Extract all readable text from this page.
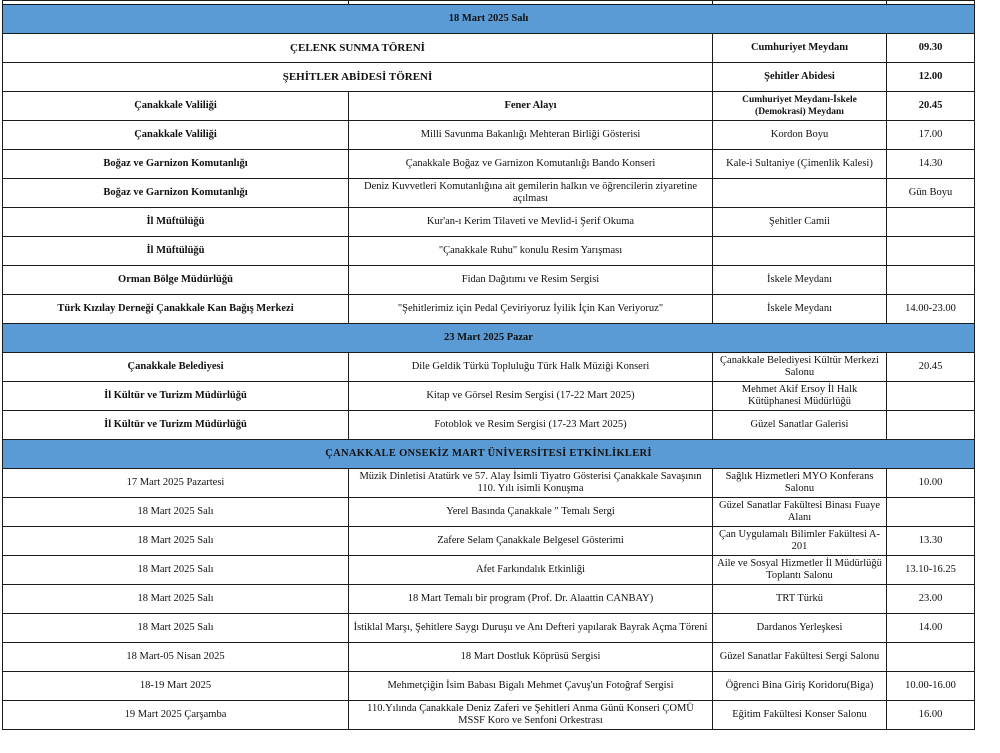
18 Mart 2025 Salı			
ÇELENK SUNMA TÖRENİ		Cumhuriyet Meydanı	09.30
ŞEHİTLER ABİDESİ TÖRENİ		Şehitler Abidesi	12.00
Çanakkale Valiliği	Fener Alayı	Cumhuriyet Meydanı-İskele (Demokrasi) Meydanı	20.45
Çanakkale Valiliği	Milli Savunma Bakanlığı Mehteran Birliği Gösterisi	Kordon Boyu	17.00
Boğaz ve Garnizon Komutanlığı	Çanakkale Boğaz ve Garnizon Komutanlığı Bando Konseri	Kale-i Sultaniye (Çimenlik Kalesi)	14.30
Boğaz ve Garnizon Komutanlığı	Deniz Kuvvetleri Komutanlığına ait gemilerin halkın ve öğrencilerin ziyaretine açılması		Gün Boyu
İl Müftülüğü	Kur'an-ı Kerim Tilaveti ve Mevlid-i Şerif Okuma	Şehitler Camii	
İl Müftülüğü	"Çanakkale Ruhu" konulu Resim Yarışması		
Orman Bölge Müdürlüğü	Fidan Dağıtımı ve Resim Sergisi	İskele Meydanı	
Türk Kızılay Derneği Çanakkale Kan Bağış Merkezi	"Şehitlerimiz için Pedal Çeviriyoruz İyilik İçin Kan Veriyoruz"	İskele Meydanı	14.00-23.00
23 Mart 2025 Pazar			
Çanakkale Belediyesi	Dile Geldik Türkü Topluluğu Türk Halk Müziği Konseri	Çanakkale Belediyesi Kültür Merkezi Salonu	20.45
İl Kültür ve Turizm Müdürlüğü	Kitap ve Görsel Resim Sergisi (17-22 Mart 2025)	Mehmet Akif Ersoy İl Halk Kütüphanesi Müdürlüğü	
İl Kültür ve Turizm Müdürlüğü	Fotoblok ve Resim Sergisi (17-23 Mart 2025)	Güzel Sanatlar Galerisi	
ÇANAKKALE ONSEKİZ MART ÜNİVERSİTESİ ETKİNLİKLERİ			
17 Mart 2025 Pazartesi	Müzik Dinletisi Atatürk ve 57. Alay İsimli Tiyatro Gösterisi Çanakkale Savaşının 110. Yılı isimli Konuşma	Sağlık Hizmetleri MYO Konferans Salonu	10.00
18 Mart 2025 Salı	Yerel Basında Çanakkale " Temalı Sergi	Güzel Sanatlar Fakültesi Binası Fuaye Alanı	
18 Mart 2025 Salı	Zafere Selam Çanakkale Belgesel Gösterimi	Çan Uygulamalı Bilimler Fakültesi A-201	13.30
18 Mart 2025 Salı	Afet Farkındalık Etkinliği	Aile ve Sosyal Hizmetler İl Müdürlüğü Toplantı Salonu	13.10-16.25
18 Mart 2025 Salı	18 Mart Temalı bir program (Prof. Dr. Alaattin CANBAY)	TRT Türkü	23.00
18 Mart 2025 Salı	İstiklal Marşı, Şehitlere Saygı Duruşu ve Anı Defteri yapılarak Bayrak Açma Töreni	Dardanos Yerleşkesi	14.00
18 Mart-05 Nisan 2025	18 Mart Dostluk Köprüsü Sergisi	Güzel Sanatlar Fakültesi Sergi Salonu	
18-19 Mart 2025	Mehmetçiğin İsim Babası Bigalı Mehmet Çavuş'un Fotoğraf Sergisi	Öğrenci Bina Giriş Koridoru(Biga)	10.00-16.00
19 Mart 2025 Çarşamba	110.Yılında Çanakkale Deniz Zaferi ve Şehitleri Anma Günü Konseri ÇOMÜ MSSF Koro ve Senfoni Orkestrası	Eğitim Fakültesi Konser Salonu	16.00
